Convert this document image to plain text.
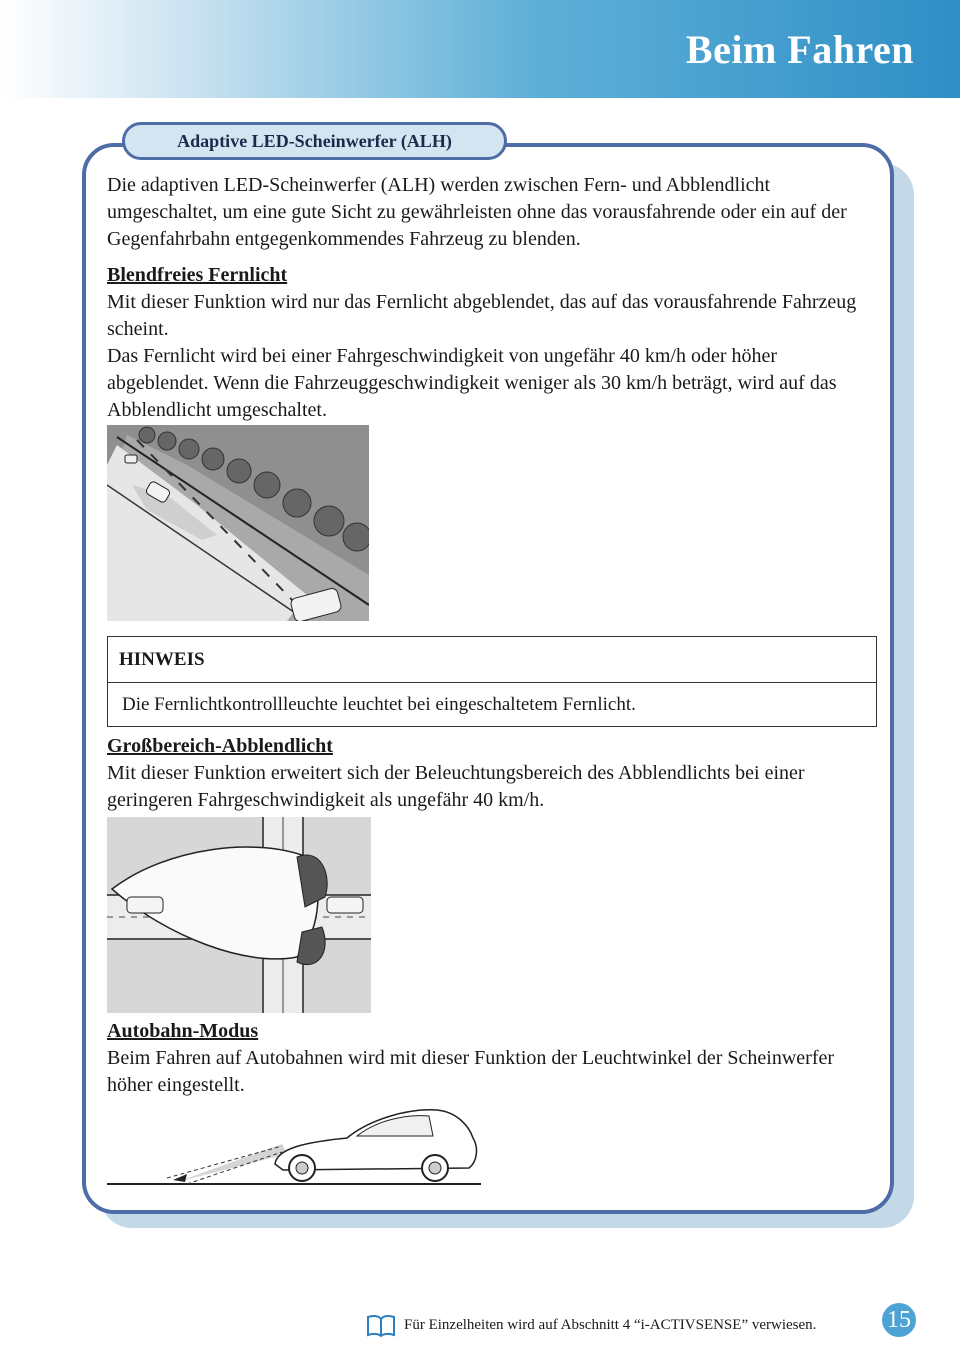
Beim Fahren
Adaptive LED-Scheinwerfer (ALH)

Die adaptiven LED-Scheinwerfer (ALH) werden zwischen Fern- und Abblendlicht umgeschaltet, um eine gute Sicht zu gewährleisten ohne das vorausfahrende oder ein auf der Gegenfahrbahn entgegenkommendes Fahrzeug zu blenden.

Blendfreies Fernlicht
Mit dieser Funktion wird nur das Fernlicht abgeblendet, das auf das vorausfahrende Fahrzeug scheint.
Das Fernlicht wird bei einer Fahrgeschwindigkeit von ungefähr 40 km/h oder höher abgeblendet. Wenn die Fahrzeuggeschwindigkeit weniger als 30 km/h beträgt, wird auf das Abblendlicht umgeschaltet.
HINWEIS
Die Fernlichtkontrollleuchte leuchtet bei eingeschaltetem Fernlicht.
Großbereich-Abblendlicht
Mit dieser Funktion erweitert sich der Beleuchtungsbereich des Abblendlichts bei einer geringeren Fahrgeschwindigkeit als ungefähr 40 km/h.
Autobahn-Modus
Beim Fahren auf Autobahnen wird mit dieser Funktion der Leuchtwinkel der Scheinwerfer höher eingestellt.
Für Einzelheiten wird auf Abschnitt 4 “i-ACTIVSENSE” verwiesen.	15
